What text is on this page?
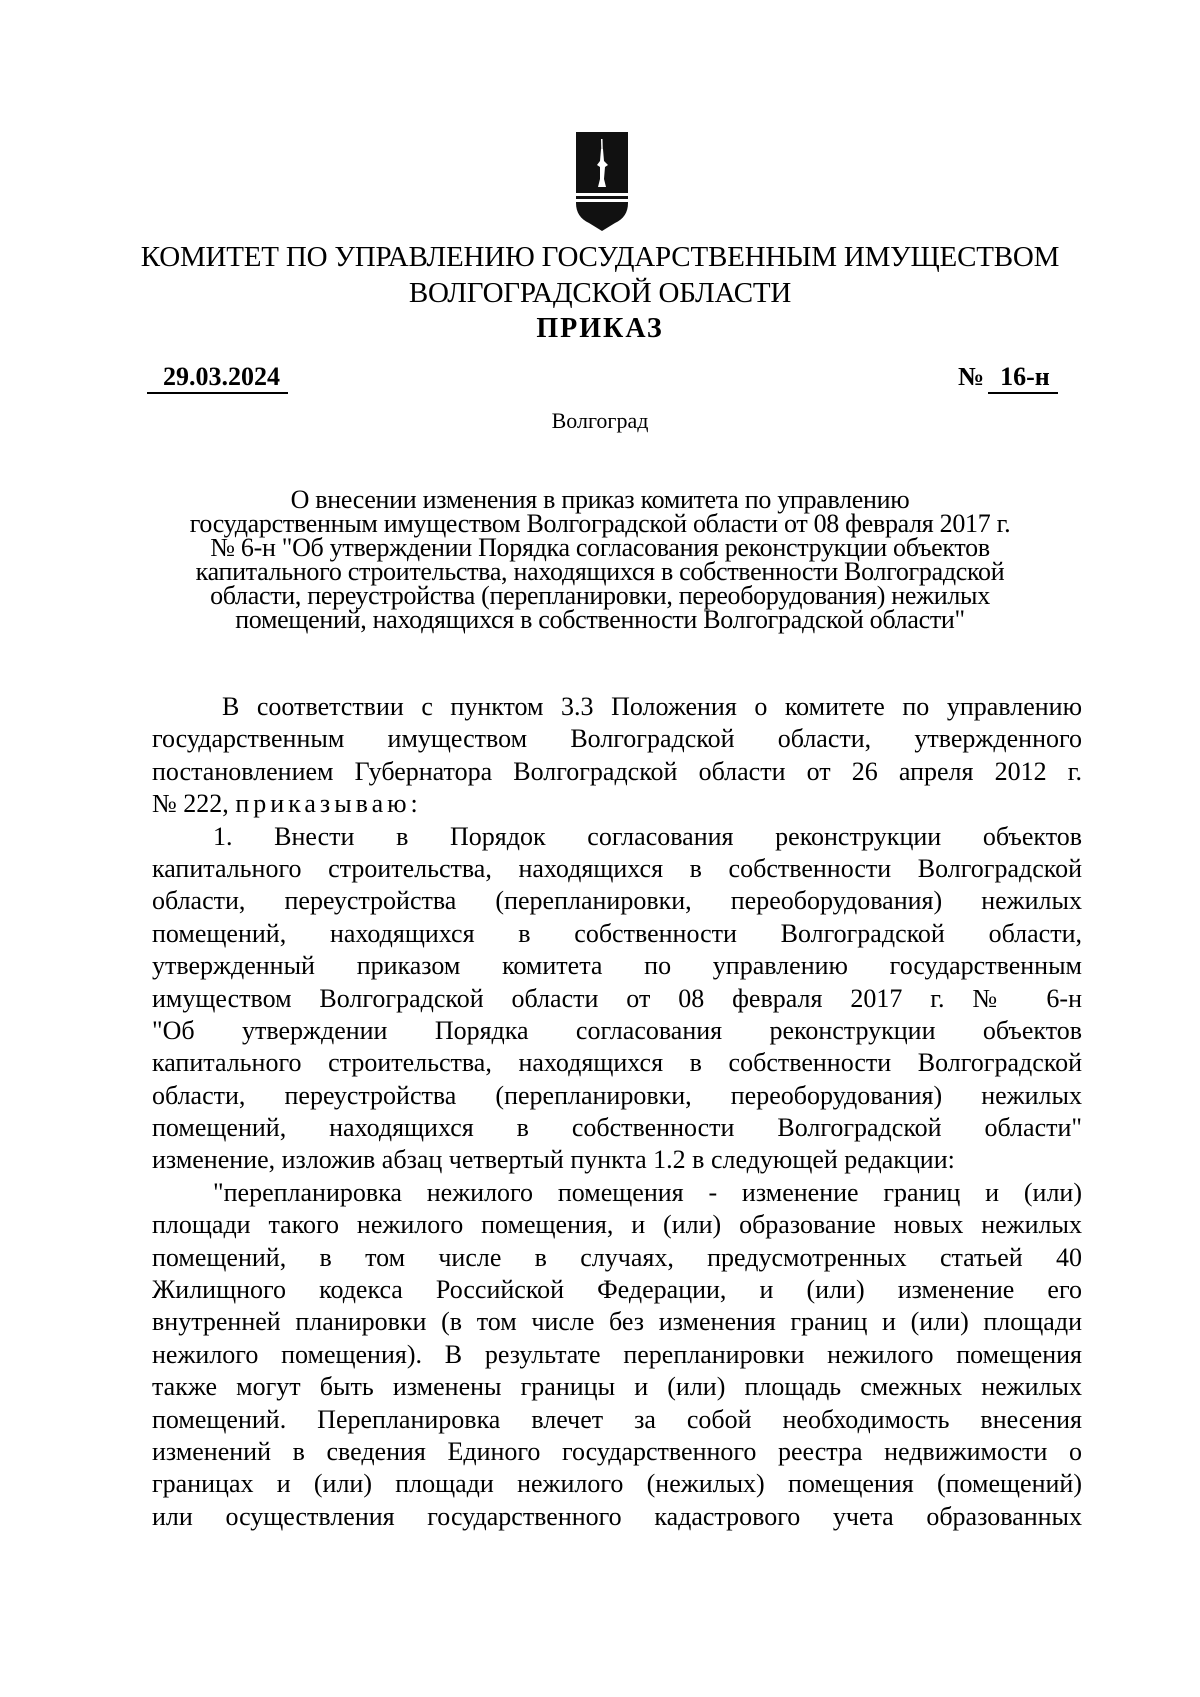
КОМИТЕТ ПО УПРАВЛЕНИЮ ГОСУДАРСТВЕННЫМ ИМУЩЕСТВОМ
ВОЛГОГРАДСКОЙ ОБЛАСТИ
ПРИКАЗ
29.03.2024	№ 16-н
Волгоград
О внесении изменения в приказ комитета по управлению
государственным имуществом Волгоградской области от 08 февраля 2017 г.
№ 6-н "Об утверждении Порядка согласования реконструкции объектов
капитального строительства, находящихся в собственности Волгоградской
области, переустройства (перепланировки, переоборудования) нежилых
помещений, находящихся в собственности Волгоградской области"
В соответствии с пунктом 3.3 Положения о комитете по управлению
государственным имуществом Волгоградской области, утвержденного
постановлением Губернатора Волгоградской области от 26 апреля 2012 г.
№ 222, приказываю:
1. Внести в Порядок согласования реконструкции объектов
капитального строительства, находящихся в собственности Волгоградской
области, переустройства (перепланировки, переоборудования) нежилых
помещений, находящихся в собственности Волгоградской области,
утвержденный приказом комитета по управлению государственным
имуществом Волгоградской области от 08 февраля 2017 г. № 6-н
"Об утверждении Порядка согласования реконструкции объектов
капитального строительства, находящихся в собственности Волгоградской
области, переустройства (перепланировки, переоборудования) нежилых
помещений, находящихся в собственности Волгоградской области"
изменение, изложив абзац четвертый пункта 1.2 в следующей редакции:
"перепланировка нежилого помещения - изменение границ и (или)
площади такого нежилого помещения, и (или) образование новых нежилых
помещений, в том числе в случаях, предусмотренных статьей 40
Жилищного кодекса Российской Федерации, и (или) изменение его
внутренней планировки (в том числе без изменения границ и (или) площади
нежилого помещения). В результате перепланировки нежилого помещения
также могут быть изменены границы и (или) площадь смежных нежилых
помещений. Перепланировка влечет за собой необходимость внесения
изменений в сведения Единого государственного реестра недвижимости о
границах и (или) площади нежилого (нежилых) помещения (помещений)
или осуществления государственного кадастрового учета образованных
